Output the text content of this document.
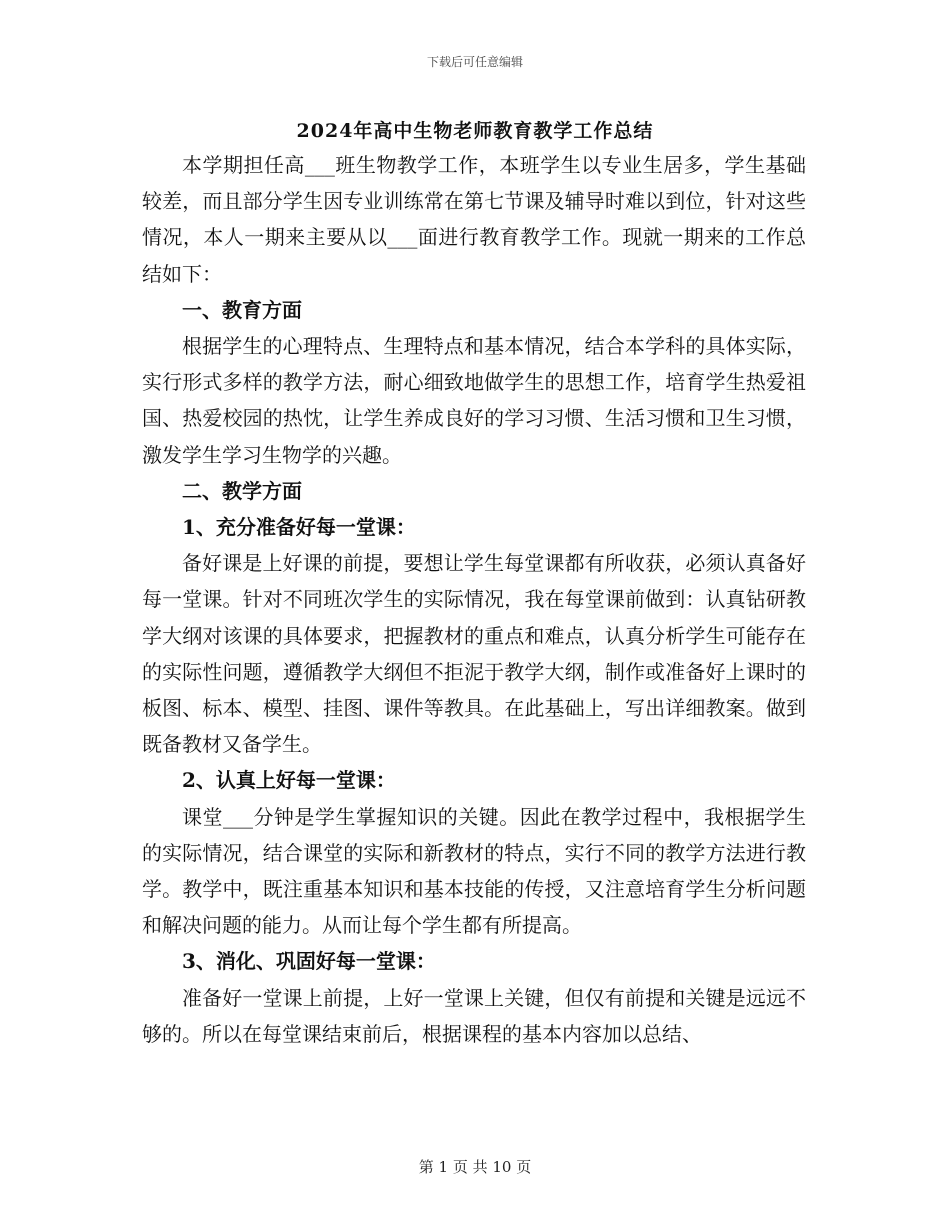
下载后可任意编辑
2024年高中生物老师教育教学工作总结

本学期担任高___班生物教学工作，本班学生以专业生居多，学生基础较差，而且部分学生因专业训练常在第七节课及辅导时难以到位，针对这些情况，本人一期来主要从以___面进行教育教学工作。现就一期来的工作总结如下：

一、教育方面

根据学生的心理特点、生理特点和基本情况，结合本学科的具体实际，实行形式多样的教学方法，耐心细致地做学生的思想工作，培育学生热爱祖国、热爱校园的热忱，让学生养成良好的学习习惯、生活习惯和卫生习惯，激发学生学习生物学的兴趣。

二、教学方面
1、充分准备好每一堂课：

备好课是上好课的前提，要想让学生每堂课都有所收获，必须认真备好每一堂课。针对不同班次学生的实际情况，我在每堂课前做到：认真钻研教学大纲对该课的具体要求，把握教材的重点和难点，认真分析学生可能存在的实际性问题，遵循教学大纲但不拒泥于教学大纲，制作或准备好上课时的板图、标本、模型、挂图、课件等教具。在此基础上，写出详细教案。做到既备教材又备学生。

2、认真上好每一堂课：

课堂___分钟是学生掌握知识的关键。因此在教学过程中，我根据学生的实际情况，结合课堂的实际和新教材的特点，实行不同的教学方法进行教学。教学中，既注重基本知识和基本技能的传授，又注意培育学生分析问题和解决问题的能力。从而让每个学生都有所提高。

3、消化、巩固好每一堂课：

准备好一堂课上前提，上好一堂课上关键，但仅有前提和关键是远远不够的。所以在每堂课结束前后，根据课程的基本内容加以总结、

第 1 页 共 10 页
